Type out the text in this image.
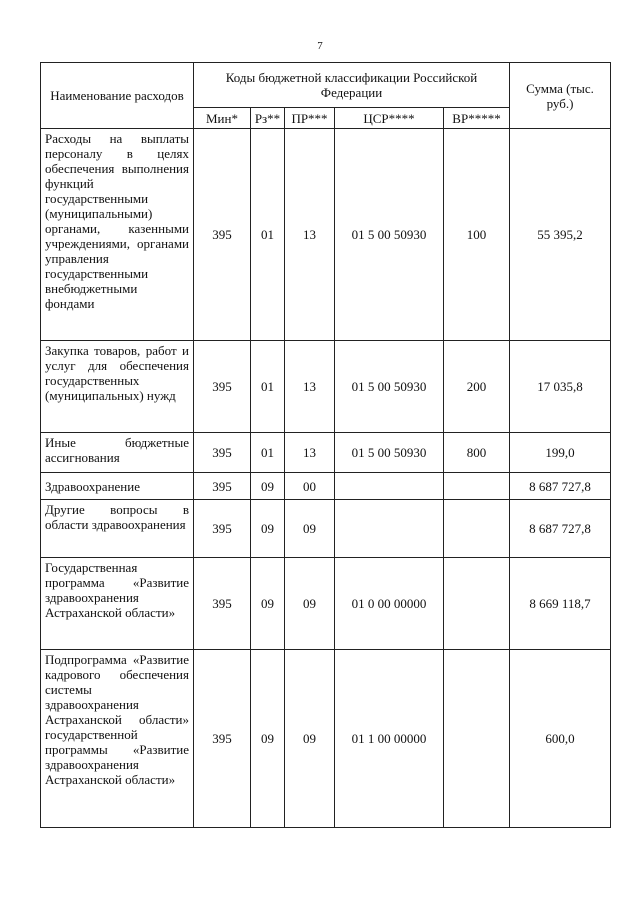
7
Наименование расходов	Коды бюджетной классификации Российской Федерации					Сумма (тыс. руб.)
	Мин*	Рз**	ПР***	ЦСР****	ВР*****	
Расходы на выплаты персоналу в целях обеспечения выполнения функций государственными (муниципальными) органами, казенными учреждениями, органами управления государственными внебюджетными фондами	395	01	13	01 5 00 50930	100	55 395,2
Закупка товаров, работ и услуг для обеспечения государственных (муниципальных) нужд	395	01	13	01 5 00 50930	200	17 035,8
Иные бюджетные ассигнования	395	01	13	01 5 00 50930	800	199,0
Здравоохранение	395	09	00			8 687 727,8
Другие вопросы в области здравоохранения	395	09	09			8 687 727,8
Государственная программа «Развитие здравоохранения Астраханской области»	395	09	09	01 0 00 00000		8 669 118,7
Подпрограмма «Развитие кадрового обеспечения системы здравоохранения Астраханской области» государственной программы «Развитие здравоохранения Астраханской области»	395	09	09	01 1 00 00000		600,0
